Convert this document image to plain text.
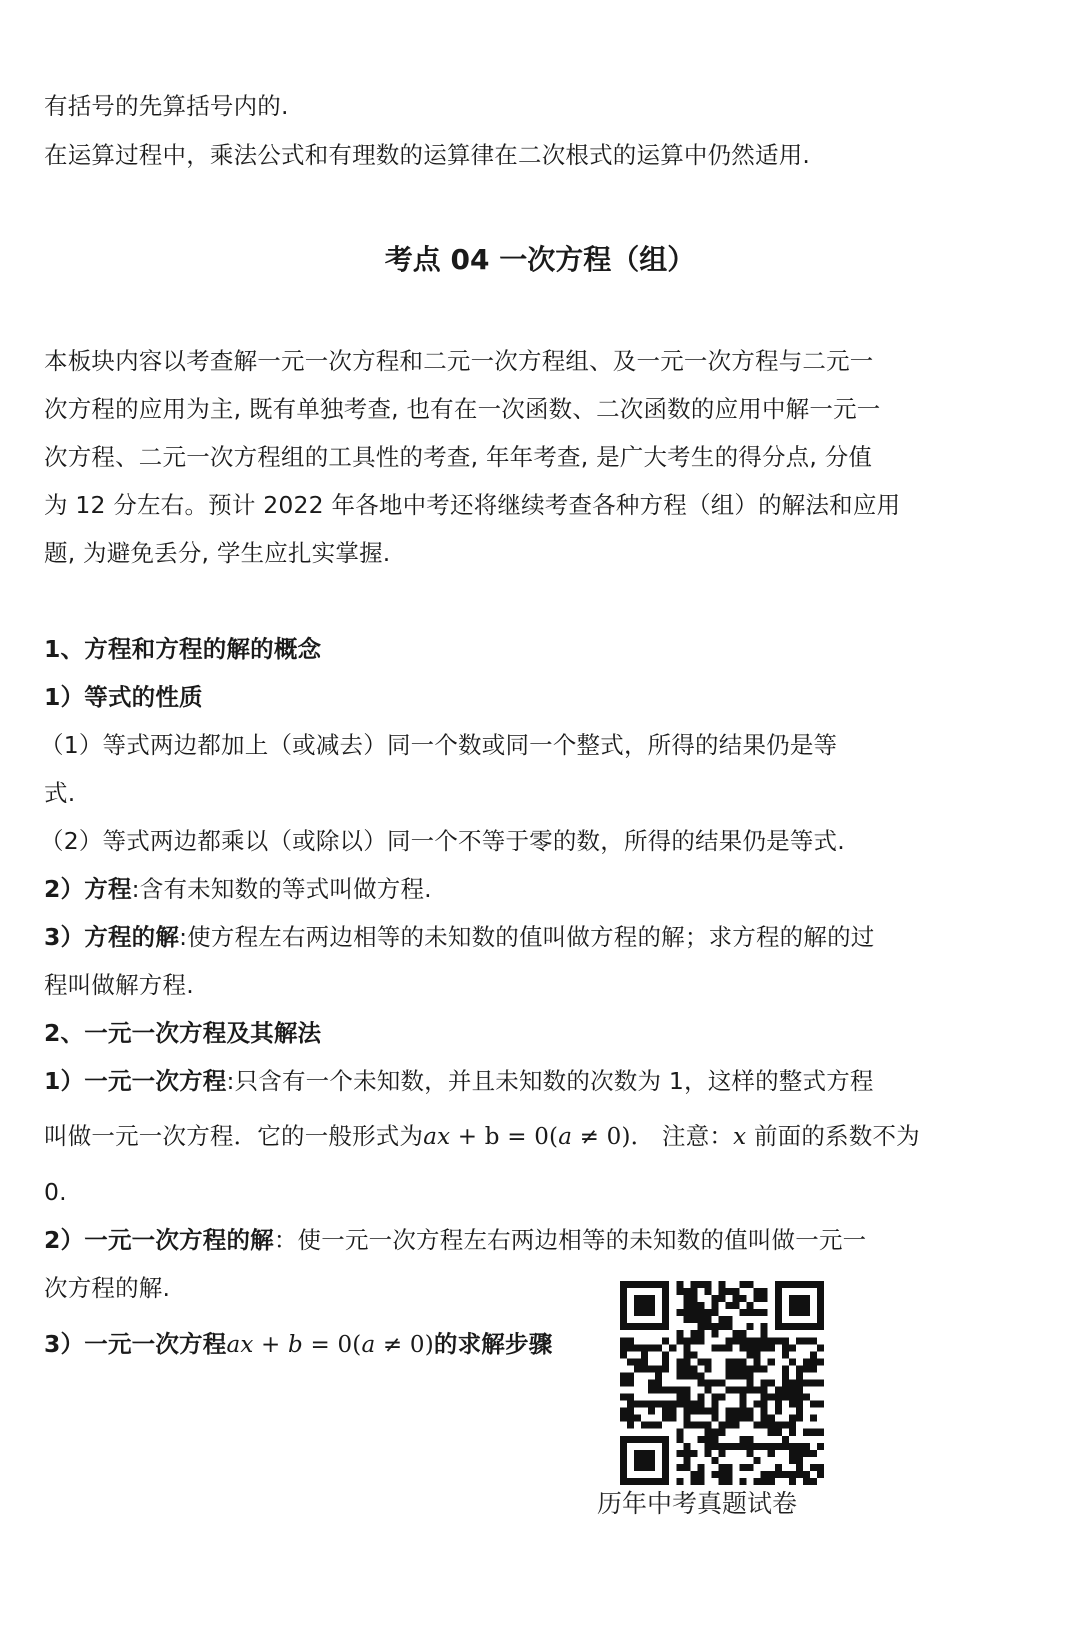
有括号的先算括号内的.
在运算过程中，乘法公式和有理数的运算律在二次根式的运算中仍然适用.
考点 04 一次方程（组）
本板块内容以考查解一元一次方程和二元一次方程组、及一元一次方程与二元一
次方程的应用为主, 既有单独考查, 也有在一次函数、二次函数的应用中解一元一
次方程、二元一次方程组的工具性的考查, 年年考查, 是广大考生的得分点, 分值
为 12 分左右。预计 2022 年各地中考还将继续考查各种方程（组）的解法和应用
题, 为避免丢分, 学生应扎实掌握.
1、方程和方程的解的概念
1）等式的性质
（1）等式两边都加上（或减去）同一个数或同一个整式，所得的结果仍是等
式.
（2）等式两边都乘以（或除以）同一个不等于零的数，所得的结果仍是等式.
2）方程:含有未知数的等式叫做方程.
3）方程的解:使方程左右两边相等的未知数的值叫做方程的解；求方程的解的过
程叫做解方程.
2、一元一次方程及其解法
1）一元一次方程:只含有一个未知数，并且未知数的次数为 1，这样的整式方程
叫做一元一次方程．它的一般形式为ax + b = 0(a ≠ 0)． 注意：x 前面的系数不为
0.
2）一元一次方程的解：使一元一次方程左右两边相等的未知数的值叫做一元一
次方程的解.
3）一元一次方程ax + b = 0(a ≠ 0)的求解步骤
历年中考真题试卷
